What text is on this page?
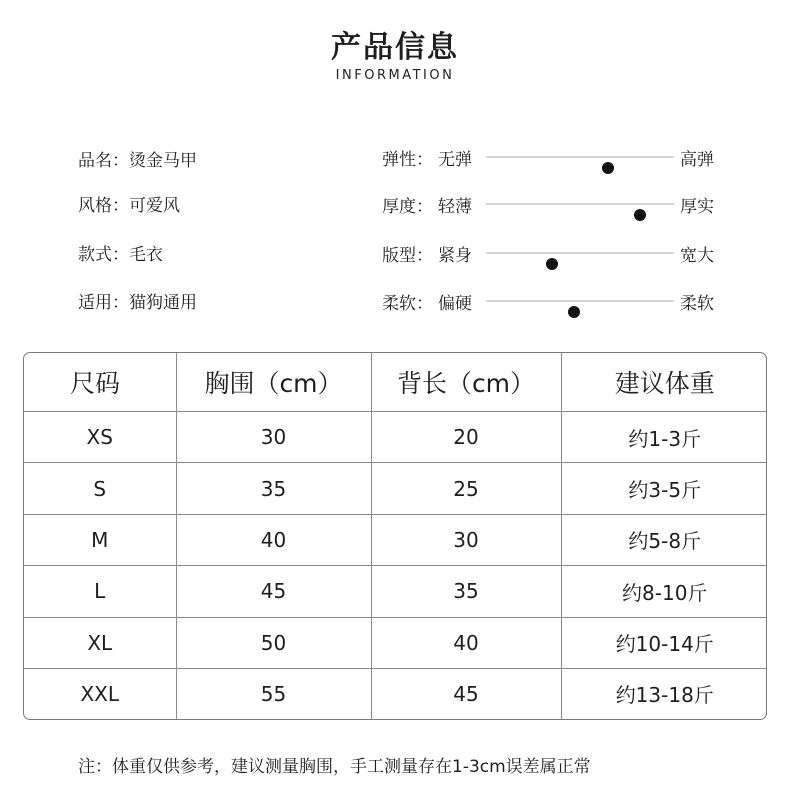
产品信息
INFORMATION
品名：烫金马甲
风格：可爱风
款式：毛衣
适用：猫狗通用
弹性： 无弹	高弹
厚度： 轻薄	厚实
版型： 紧身	宽大
柔软： 偏硬	柔软
尺码	胸围（cm）	背长（cm）	建议体重
XS	30	20	约1-3斤
S	35	25	约3-5斤
M	40	30	约5-8斤
L	45	35	约8-10斤
XL	50	40	约10-14斤
XXL	55	45	约13-18斤
注：体重仅供参考，建议测量胸围，手工测量存在1-3cm误差属正常
